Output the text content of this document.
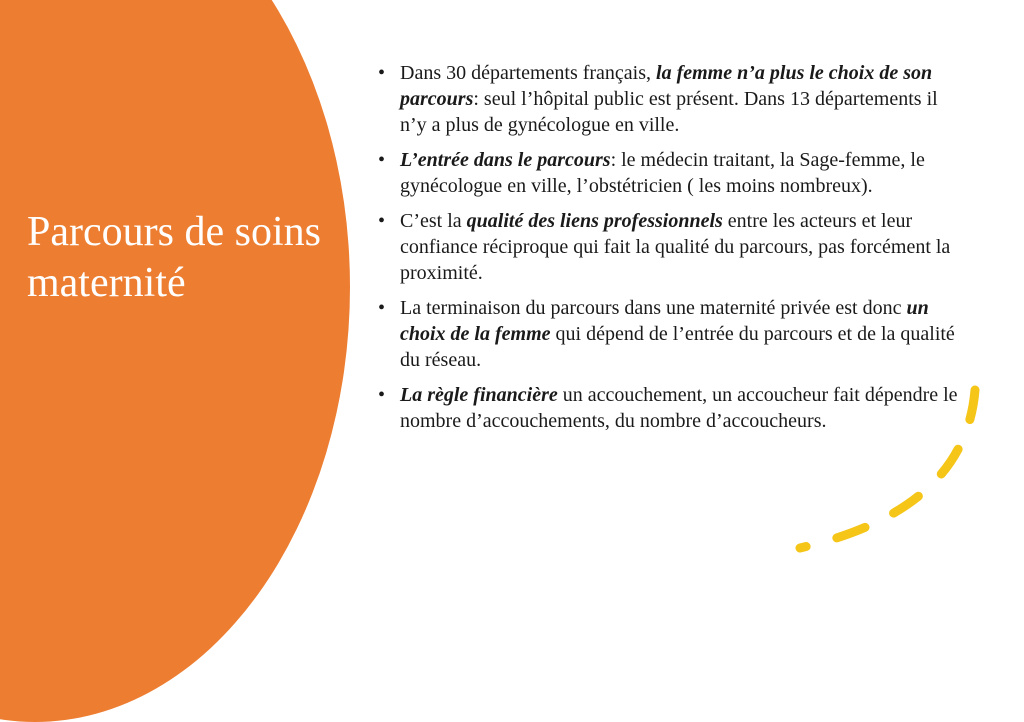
Parcours de soins maternité
• Dans 30 départements français, la femme n’a plus le choix de son parcours: seul l’hôpital public est présent. Dans 13 départements il n’y a plus de gynécologue en ville.
• L’entrée dans le parcours: le médecin traitant, la Sage-femme, le gynécologue en ville, l’obstétricien ( les moins nombreux).
• C’est la qualité des liens professionnels entre les acteurs et leur confiance réciproque qui fait la qualité du parcours, pas forcément la proximité.
• La terminaison du parcours dans une maternité privée est donc un choix de la femme qui dépend de l’entrée du parcours et de la qualité du réseau.
• La règle financière un accouchement, un accoucheur fait dépendre le nombre d’accouchements, du nombre d’accoucheurs.
